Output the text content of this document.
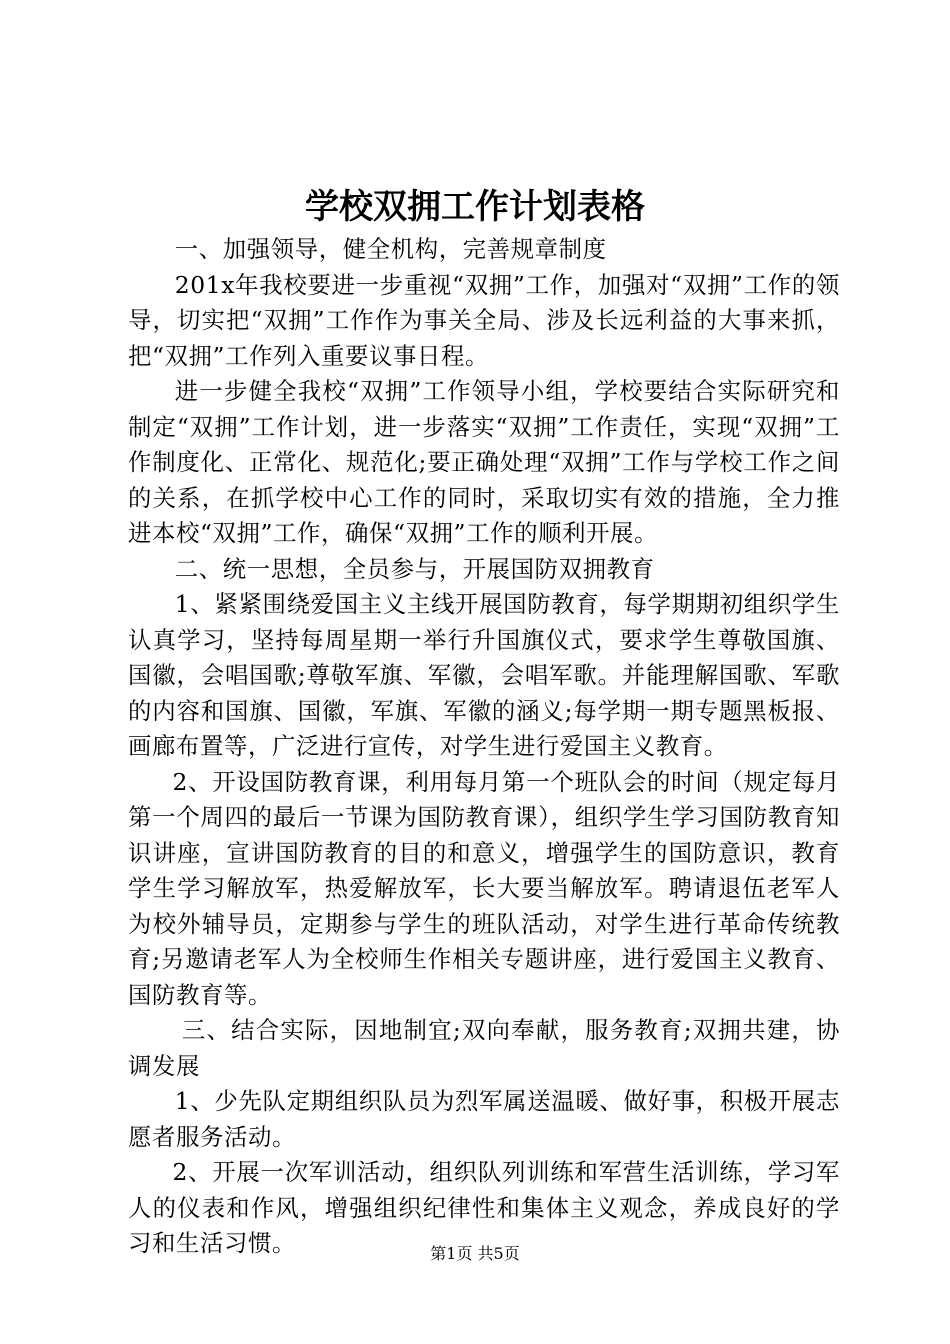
学校双拥工作计划表格

一、加强领导，健全机构，完善规章制度

201x年我校要进一步重视“双拥”工作，加强对“双拥”工作的领导，切实把“双拥”工作作为事关全局、涉及长远利益的大事来抓，把“双拥”工作列入重要议事日程。

进一步健全我校“双拥”工作领导小组，学校要结合实际研究和制定“双拥”工作计划，进一步落实“双拥”工作责任，实现“双拥”工作制度化、正常化、规范化;要正确处理“双拥”工作与学校工作之间的关系，在抓学校中心工作的同时，采取切实有效的措施，全力推进本校“双拥”工作，确保“双拥”工作的顺利开展。

二、统一思想，全员参与，开展国防双拥教育

1、紧紧围绕爱国主义主线开展国防教育，每学期期初组织学生认真学习，坚持每周星期一举行升国旗仪式，要求学生尊敬国旗、国徽，会唱国歌;尊敬军旗、军徽，会唱军歌。并能理解国歌、军歌的内容和国旗、国徽，军旗、军徽的涵义;每学期一期专题黑板报、画廊布置等，广泛进行宣传，对学生进行爱国主义教育。

2、开设国防教育课，利用每月第一个班队会的时间（规定每月第一个周四的最后一节课为国防教育课），组织学生学习国防教育知识讲座，宣讲国防教育的目的和意义，增强学生的国防意识，教育学生学习解放军，热爱解放军，长大要当解放军。聘请退伍老军人为校外辅导员，定期参与学生的班队活动，对学生进行革命传统教育;另邀请老军人为全校师生作相关专题讲座，进行爱国主义教育、国防教育等。

三、结合实际，因地制宜;双向奉献，服务教育;双拥共建，协调发展

1、少先队定期组织队员为烈军属送温暖、做好事，积极开展志愿者服务活动。

2、开展一次军训活动，组织队列训练和军营生活训练，学习军人的仪表和作风，增强组织纪律性和集体主义观念，养成良好的学习和生活习惯。	第1页 共5页
